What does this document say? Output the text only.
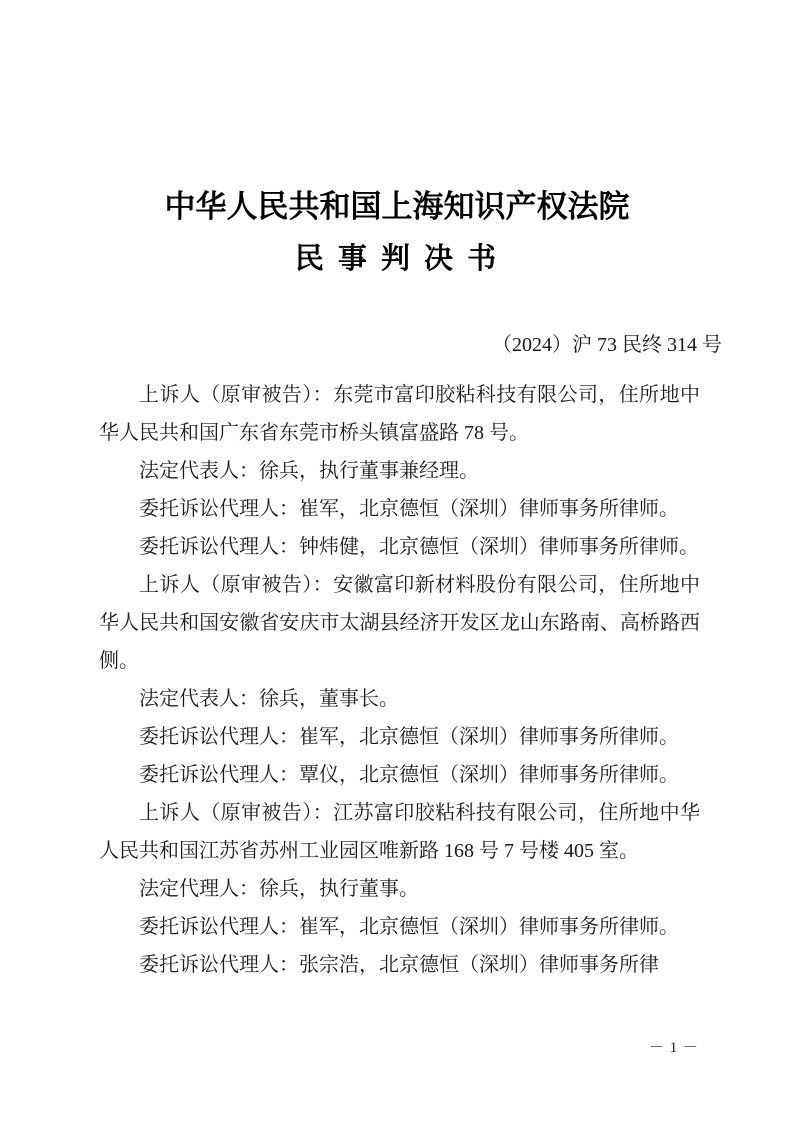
中华人民共和国上海知识产权法院
民 事 判 决 书
（2024）沪 73 民终 314 号

上诉人（原审被告）：东莞市富印胶粘科技有限公司，住所地中华人民共和国广东省东莞市桥头镇富盛路 78 号。

法定代表人：徐兵，执行董事兼经理。

委托诉讼代理人：崔军，北京德恒（深圳）律师事务所律师。

委托诉讼代理人：钟炜健，北京德恒（深圳）律师事务所律师。

上诉人（原审被告）：安徽富印新材料股份有限公司，住所地中华人民共和国安徽省安庆市太湖县经济开发区龙山东路南、高桥路西侧。

法定代表人：徐兵，董事长。

委托诉讼代理人：崔军，北京德恒（深圳）律师事务所律师。

委托诉讼代理人：覃仪，北京德恒（深圳）律师事务所律师。

上诉人（原审被告）：江苏富印胶粘科技有限公司，住所地中华人民共和国江苏省苏州工业园区唯新路 168 号 7 号楼 405 室。

法定代理人：徐兵，执行董事。

委托诉讼代理人：崔军，北京德恒（深圳）律师事务所律师。

委托诉讼代理人：张宗浩，北京德恒（深圳）律师事务所律

－ 1 －
